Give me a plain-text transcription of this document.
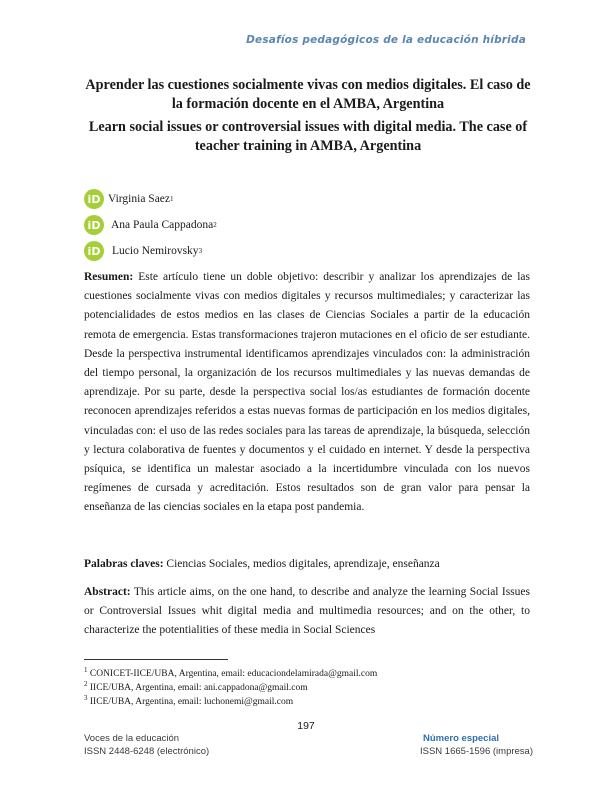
Desafíos pedagógicos de la educación híbrida
Aprender las cuestiones socialmente vivas con medios digitales. El caso de la formación docente en el AMBA, Argentina
Learn social issues or controversial issues with digital media. The case of teacher training in AMBA, Argentina
iD Virginia Saez 1
iD Ana Paula Cappadona 2
iD	Lucio Nemirovsky 3

Resumen: Este artículo tiene un doble objetivo: describir y analizar los aprendizajes de las cuestiones socialmente vivas con medios digitales y recursos multimediales; y caracterizar las potencialidades de estos medios en las clases de Ciencias Sociales a partir de la educación remota de emergencia. Estas transformaciones trajeron mutaciones en el oficio de ser estudiante. Desde la perspectiva instrumental identificamos aprendizajes vinculados con: la administración del tiempo personal, la organización de los recursos multimediales y las nuevas demandas de aprendizaje. Por su parte, desde la perspectiva social los/as estudiantes de formación docente reconocen aprendizajes referidos a estas nuevas formas de participación en los medios digitales, vinculadas con: el uso de las redes sociales para las tareas de aprendizaje, la búsqueda, selección y lectura colaborativa de fuentes y documentos y el cuidado en internet. Y desde la perspectiva psíquica, se identifica un malestar asociado a la incertidumbre vinculada con los nuevos regímenes de cursada y acreditación. Estos resultados son de gran valor para pensar la enseñanza de las ciencias sociales en la etapa post pandemia.

Palabras claves: Ciencias Sociales, medios digitales, aprendizaje, enseñanza

Abstract: This article aims, on the one hand, to describe and analyze the learning Social Issues or Controversial Issues whit digital media and multimedia resources; and on the other, to characterize the potentialities of these media in Social Sciences

$^1$ CONICET-IICE/UBA, Argentina, email: educaciondelamirada@gmail.com
$^2$ IICE/UBA, Argentina, email: ani.cappadona@gmail.com
$^3$ IICE/UBA, Argentina, email: luchonemi@gmail.com
197
Voces de la educación
ISSN 2448-6248 (electrónico)
Número especial
ISSN 1665-1596 (impresa)
